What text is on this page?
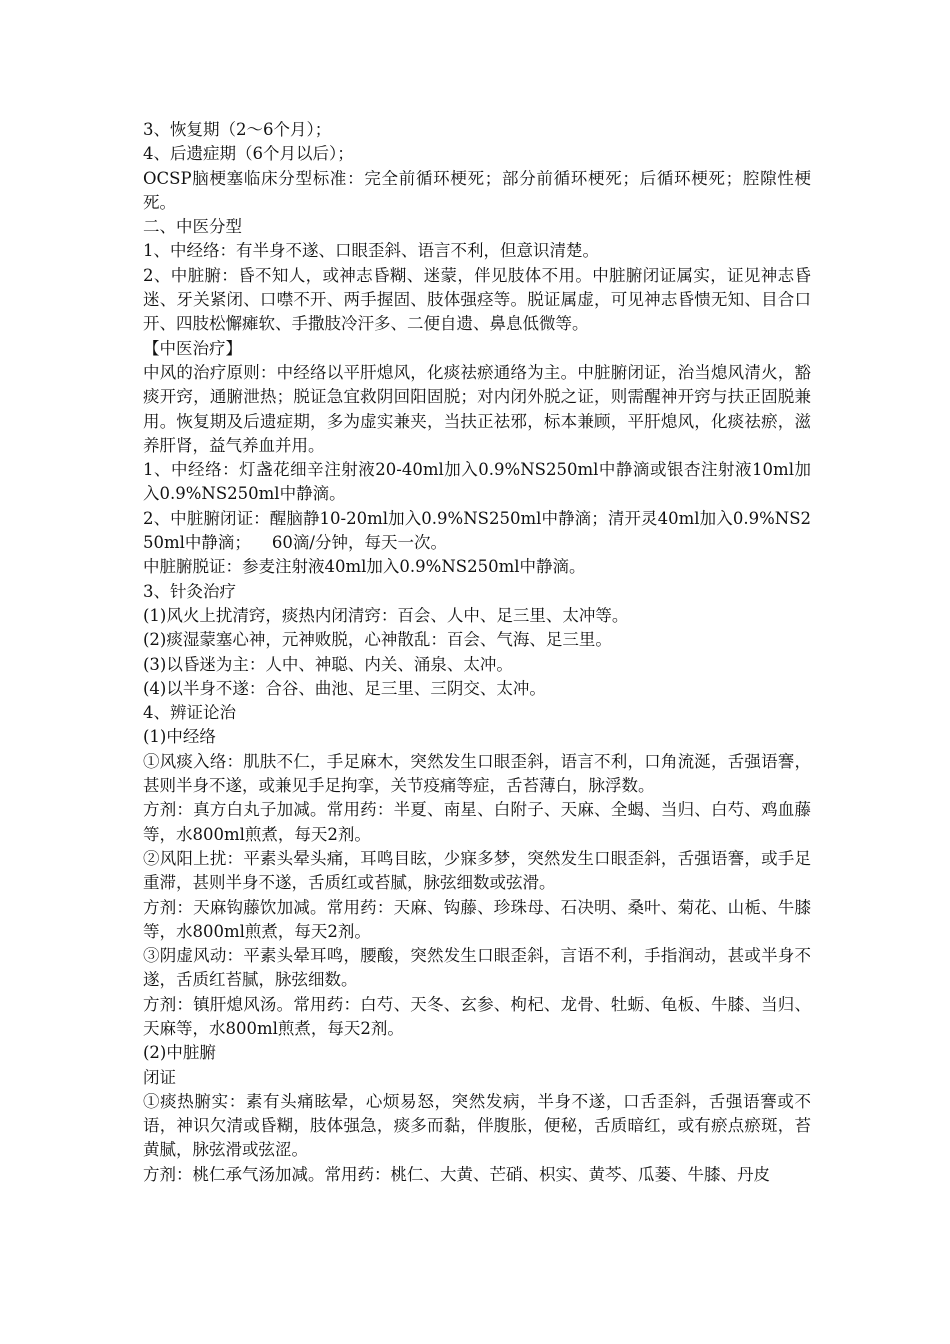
3、恢复期（2～6个月）；

4、后遗症期（6个月以后）；

OCSP脑梗塞临床分型标准：完全前循环梗死；部分前循环梗死；后循环梗死；腔隙性梗死。

二、中医分型

1、中经络：有半身不遂、口眼歪斜、语言不利，但意识清楚。

2、中脏腑：昏不知人，或神志昏糊、迷蒙，伴见肢体不用。中脏腑闭证属实，证见神志昏迷、牙关紧闭、口噤不开、两手握固、肢体强痉等。脱证属虚，可见神志昏愦无知、目合口开、四肢松懈瘫软、手撒肢冷汗多、二便自遗、鼻息低微等。

【中医治疗】

中风的治疗原则：中经络以平肝熄风，化痰祛瘀通络为主。中脏腑闭证，治当熄风清火，豁痰开窍，通腑泄热；脱证急宜救阴回阳固脱；对内闭外脱之证，则需醒神开窍与扶正固脱兼用。恢复期及后遗症期，多为虚实兼夹，当扶正祛邪，标本兼顾，平肝熄风，化痰祛瘀，滋养肝肾，益气养血并用。

1、中经络：灯盏花细辛注射液20-40ml加入0.9%NS250ml中静滴或银杏注射液10ml加入0.9%NS250ml中静滴。

2、中脏腑闭证：醒脑静10-20ml加入0.9%NS250ml中静滴；清开灵40ml加入0.9%NS250ml中静滴；    60滴/分钟，每天一次。

中脏腑脱证：参麦注射液40ml加入0.9%NS250ml中静滴。

3、针灸治疗

(1)风火上扰清窍，痰热内闭清窍：百会、人中、足三里、太冲等。

(2)痰湿蒙塞心神，元神败脱，心神散乱：百会、气海、足三里。

(3)以昏迷为主：人中、神聪、内关、涌泉、太冲。

(4)以半身不遂：合谷、曲池、足三里、三阴交、太冲。

4、辨证论治

(1)中经络

①风痰入络：肌肤不仁，手足麻木，突然发生口眼歪斜，语言不利，口角流涎，舌强语謇，甚则半身不遂，或兼见手足拘挛，关节疫痛等症，舌苔薄白，脉浮数。

方剂：真方白丸子加减。常用药：半夏、南星、白附子、天麻、全蝎、当归、白芍、鸡血藤等，水800ml煎煮，每天2剂。

②风阳上扰：平素头晕头痛，耳鸣目眩，少寐多梦，突然发生口眼歪斜，舌强语謇，或手足重滞，甚则半身不遂，舌质红或苔腻，脉弦细数或弦滑。

方剂：天麻钩藤饮加减。常用药：天麻、钩藤、珍珠母、石决明、桑叶、菊花、山栀、牛膝等，水800ml煎煮，每天2剂。

③阴虚风动：平素头晕耳鸣，腰酸，突然发生口眼歪斜，言语不利，手指润动，甚或半身不遂，舌质红苔腻，脉弦细数。

方剂：镇肝熄风汤。常用药：白芍、天冬、玄参、枸杞、龙骨、牡蛎、龟板、牛膝、当归、天麻等，水800ml煎煮，每天2剂。

(2)中脏腑

闭证

①痰热腑实：素有头痛眩晕，心烦易怒，突然发病，半身不遂，口舌歪斜，舌强语謇或不语，神识欠清或昏糊，肢体强急，痰多而黏，伴腹胀，便秘，舌质暗红，或有瘀点瘀斑，苔黄腻，脉弦滑或弦涩。

方剂：桃仁承气汤加减。常用药：桃仁、大黄、芒硝、枳实、黄芩、瓜蒌、牛膝、丹皮
